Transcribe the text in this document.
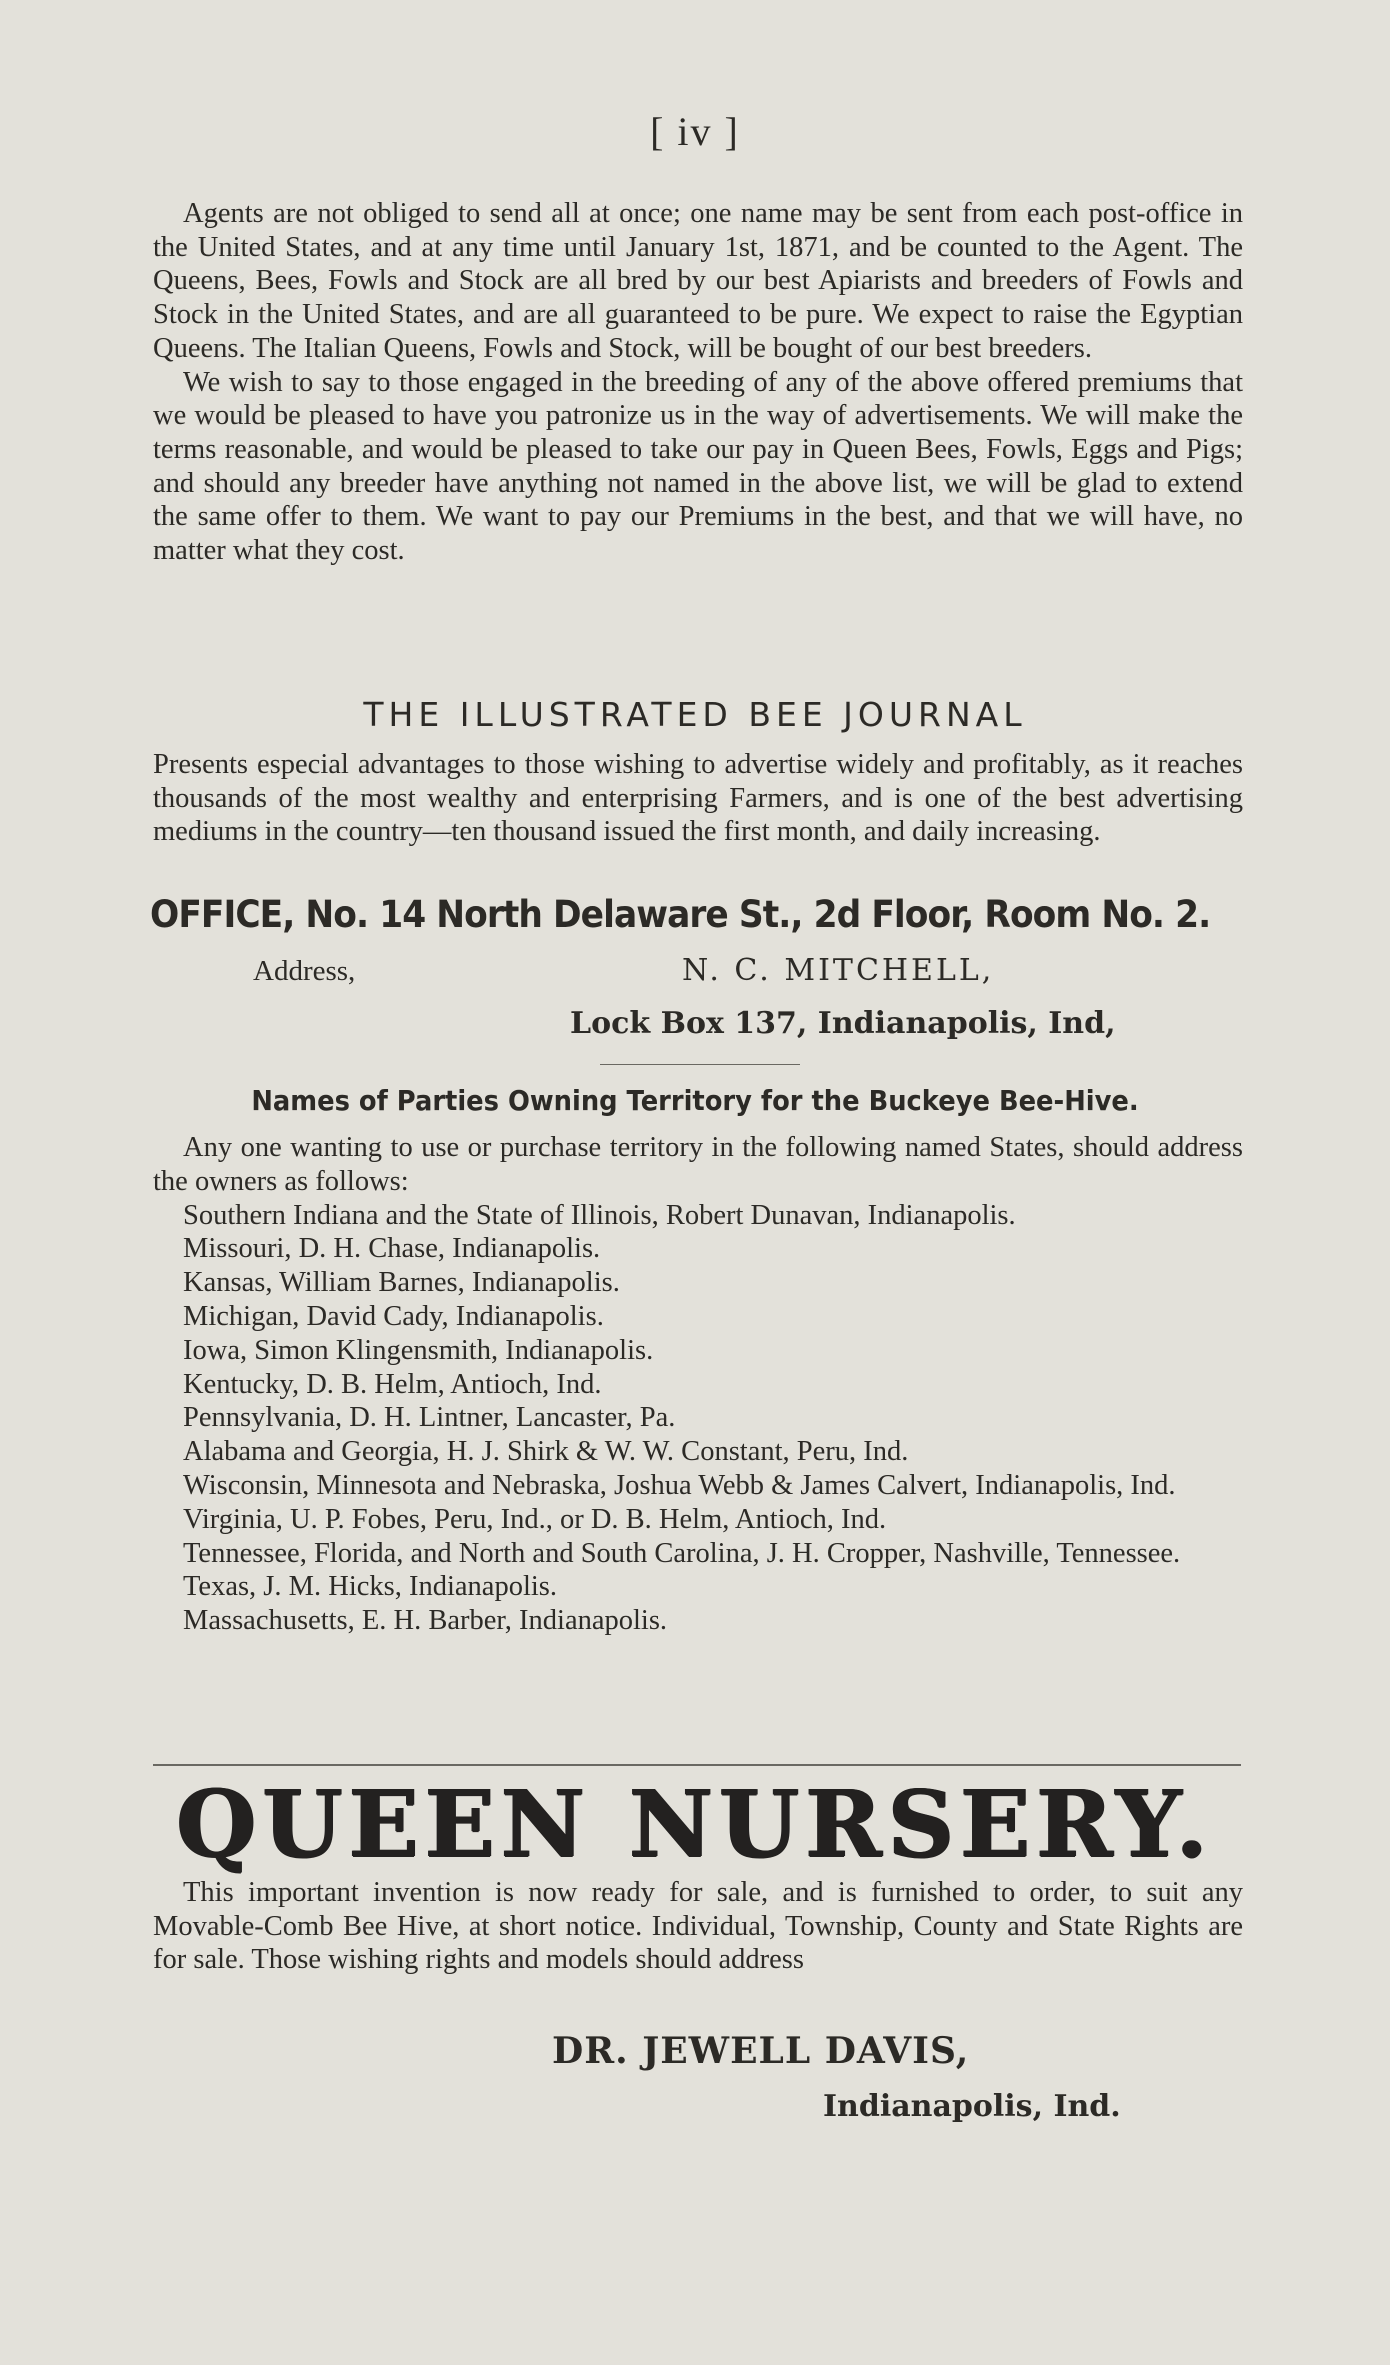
[ iv ]

Agents are not obliged to send all at once; one name may be sent from each post-office in the United States, and at any time until January 1st, 1871, and be counted to the Agent. The Queens, Bees, Fowls and Stock are all bred by our best Apiarists and breeders of Fowls and Stock in the United States, and are all guaranteed to be pure. We expect to raise the Egyptian Queens. The Italian Queens, Fowls and Stock, will be bought of our best breeders.

We wish to say to those engaged in the breeding of any of the above offered premiums that we would be pleased to have you patronize us in the way of advertisements. We will make the terms reasonable, and would be pleased to take our pay in Queen Bees, Fowls, Eggs and Pigs; and should any breeder have anything not named in the above list, we will be glad to extend the same offer to them. We want to pay our Premiums in the best, and that we will have, no matter what they cost.

THE ILLUSTRATED BEE JOURNAL

Presents especial advantages to those wishing to advertise widely and profitably, as it reaches thousands of the most wealthy and enterprising Farmers, and is one of the best advertising mediums in the country—ten thousand issued the first month, and daily increasing.

OFFICE, No. 14 North Delaware St., 2d Floor, Room No. 2.
Address,	N. C. MITCHELL,
Lock Box 137, Indianapolis, Ind,
Names of Parties Owning Territory for the Buckeye Bee-Hive.

Any one wanting to use or purchase territory in the following named States, should address the owners as follows:

Southern Indiana and the State of Illinois, Robert Dunavan, Indianapolis.

Missouri, D. H. Chase, Indianapolis.

Kansas, William Barnes, Indianapolis.

Michigan, David Cady, Indianapolis.

Iowa, Simon Klingensmith, Indianapolis.

Kentucky, D. B. Helm, Antioch, Ind.

Pennsylvania, D. H. Lintner, Lancaster, Pa.

Alabama and Georgia, H. J. Shirk & W. W. Constant, Peru, Ind.

Wisconsin, Minnesota and Nebraska, Joshua Webb & James Calvert, Indianapolis, Ind.

Virginia, U. P. Fobes, Peru, Ind., or D. B. Helm, Antioch, Ind.

Tennessee, Florida, and North and South Carolina, J. H. Cropper, Nashville, Tennessee.

Texas, J. M. Hicks, Indianapolis.

Massachusetts, E. H. Barber, Indianapolis.

QUEEN NURSERY.

This important invention is now ready for sale, and is furnished to order, to suit any Movable-Comb Bee Hive, at short notice. Individual, Township, County and State Rights are for sale. Those wishing rights and models should address

DR. JEWELL DAVIS,
Indianapolis, Ind.
